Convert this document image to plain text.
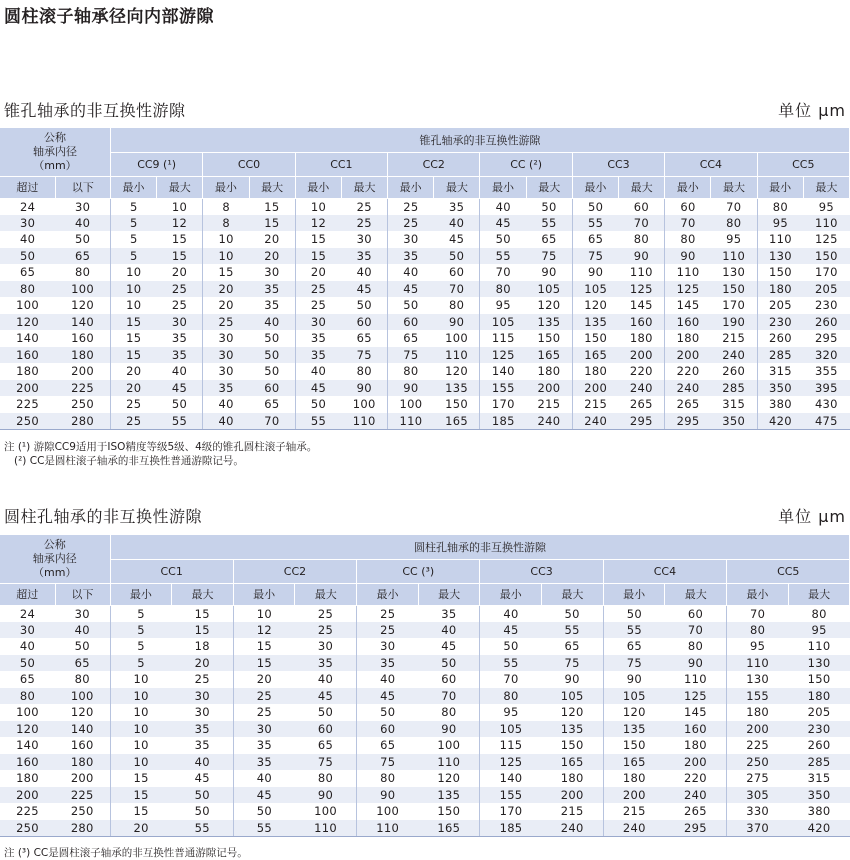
圆柱滚子轴承径向内部游隙
锥孔轴承的非互换性游隙	单位 μm
公称
轴承内径
（mm）		锥孔轴承的非互换性游隙															
		CC9 (¹)		CC0		CC1		CC2		CC (²)		CC3		CC4		CC5	
超过	以下	最小	最大	最小	最大	最小	最大	最小	最大	最小	最大	最小	最大	最小	最大	最小	最大
24	30	5	10	8	15	10	25	25	35	40	50	50	60	60	70	80	95
30	40	5	12	8	15	12	25	25	40	45	55	55	70	70	80	95	110
40	50	5	15	10	20	15	30	30	45	50	65	65	80	80	95	110	125
50	65	5	15	10	20	15	35	35	50	55	75	75	90	90	110	130	150
65	80	10	20	15	30	20	40	40	60	70	90	90	110	110	130	150	170
80	100	10	25	20	35	25	45	45	70	80	105	105	125	125	150	180	205
100	120	10	25	20	35	25	50	50	80	95	120	120	145	145	170	205	230
120	140	15	30	25	40	30	60	60	90	105	135	135	160	160	190	230	260
140	160	15	35	30	50	35	65	65	100	115	150	150	180	180	215	260	295
160	180	15	35	30	50	35	75	75	110	125	165	165	200	200	240	285	320
180	200	20	40	30	50	40	80	80	120	140	180	180	220	220	260	315	355
200	225	20	45	35	60	45	90	90	135	155	200	200	240	240	285	350	395
225	250	25	50	40	65	50	100	100	150	170	215	215	265	265	315	380	430
250	280	25	55	40	70	55	110	110	165	185	240	240	295	295	350	420	475
注 (¹) 游隙CC9适用于ISO精度等级5级、4级的锥孔圆柱滚子轴承。
(²) CC是圆柱滚子轴承的非互换性普通游隙记号。
圆柱孔轴承的非互换性游隙	单位 μm
公称
轴承内径
（mm）		圆柱孔轴承的非互换性游隙											
		CC1		CC2		CC (³)		CC3		CC4		CC5	
超过	以下	最小	最大	最小	最大	最小	最大	最小	最大	最小	最大	最小	最大
24	30	5	15	10	25	25	35	40	50	50	60	70	80
30	40	5	15	12	25	25	40	45	55	55	70	80	95
40	50	5	18	15	30	30	45	50	65	65	80	95	110
50	65	5	20	15	35	35	50	55	75	75	90	110	130
65	80	10	25	20	40	40	60	70	90	90	110	130	150
80	100	10	30	25	45	45	70	80	105	105	125	155	180
100	120	10	30	25	50	50	80	95	120	120	145	180	205
120	140	10	35	30	60	60	90	105	135	135	160	200	230
140	160	10	35	35	65	65	100	115	150	150	180	225	260
160	180	10	40	35	75	75	110	125	165	165	200	250	285
180	200	15	45	40	80	80	120	140	180	180	220	275	315
200	225	15	50	45	90	90	135	155	200	200	240	305	350
225	250	15	50	50	100	100	150	170	215	215	265	330	380
250	280	20	55	55	110	110	165	185	240	240	295	370	420
注 (³) CC是圆柱滚子轴承的非互换性普通游隙记号。
